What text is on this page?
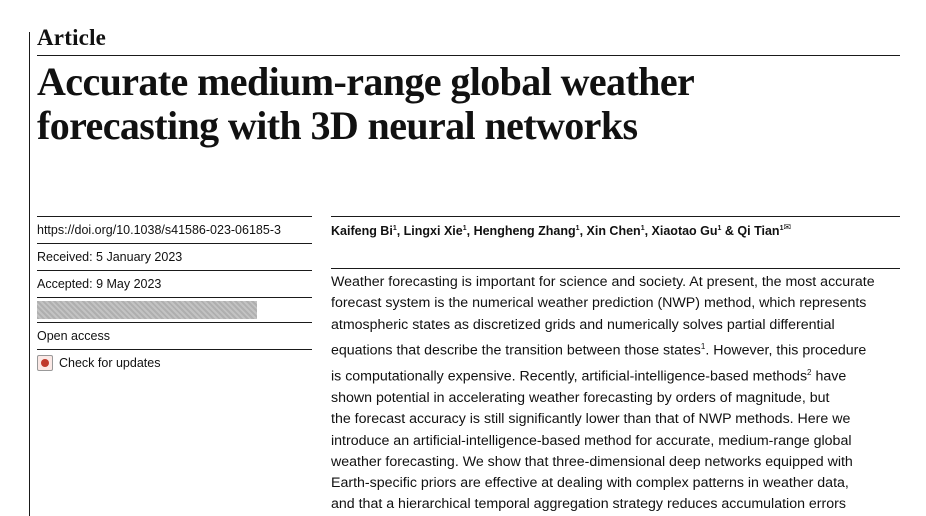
Article
Accurate medium-range global weather
forecasting with 3D neural networks
https://doi.org/10.1038/s41586-023-06185-3
Received: 5 January 2023
Accepted: 9 May 2023
Open access
Check for updates
Kaifeng Bi$^1$, Lingxi Xie$^1$, Hengheng Zhang$^1$, Xin Chen$^1$, Xiaotao Gu$^1$ & Qi Tian$^{1✉}$
Weather forecasting is important for science and society. At present, the most accurate
forecast system is the numerical weather prediction (NWP) method, which represents
atmospheric states as discretized grids and numerically solves partial differential
equations that describe the transition between those states$^1$. However, this procedure
is computationally expensive. Recently, artificial-intelligence-based methods$^2$ have
shown potential in accelerating weather forecasting by orders of magnitude, but
the forecast accuracy is still significantly lower than that of NWP methods. Here we
introduce an artificial-intelligence-based method for accurate, medium-range global
weather forecasting. We show that three-dimensional deep networks equipped with
Earth-specific priors are effective at dealing with complex patterns in weather data,
and that a hierarchical temporal aggregation strategy reduces accumulation errors
